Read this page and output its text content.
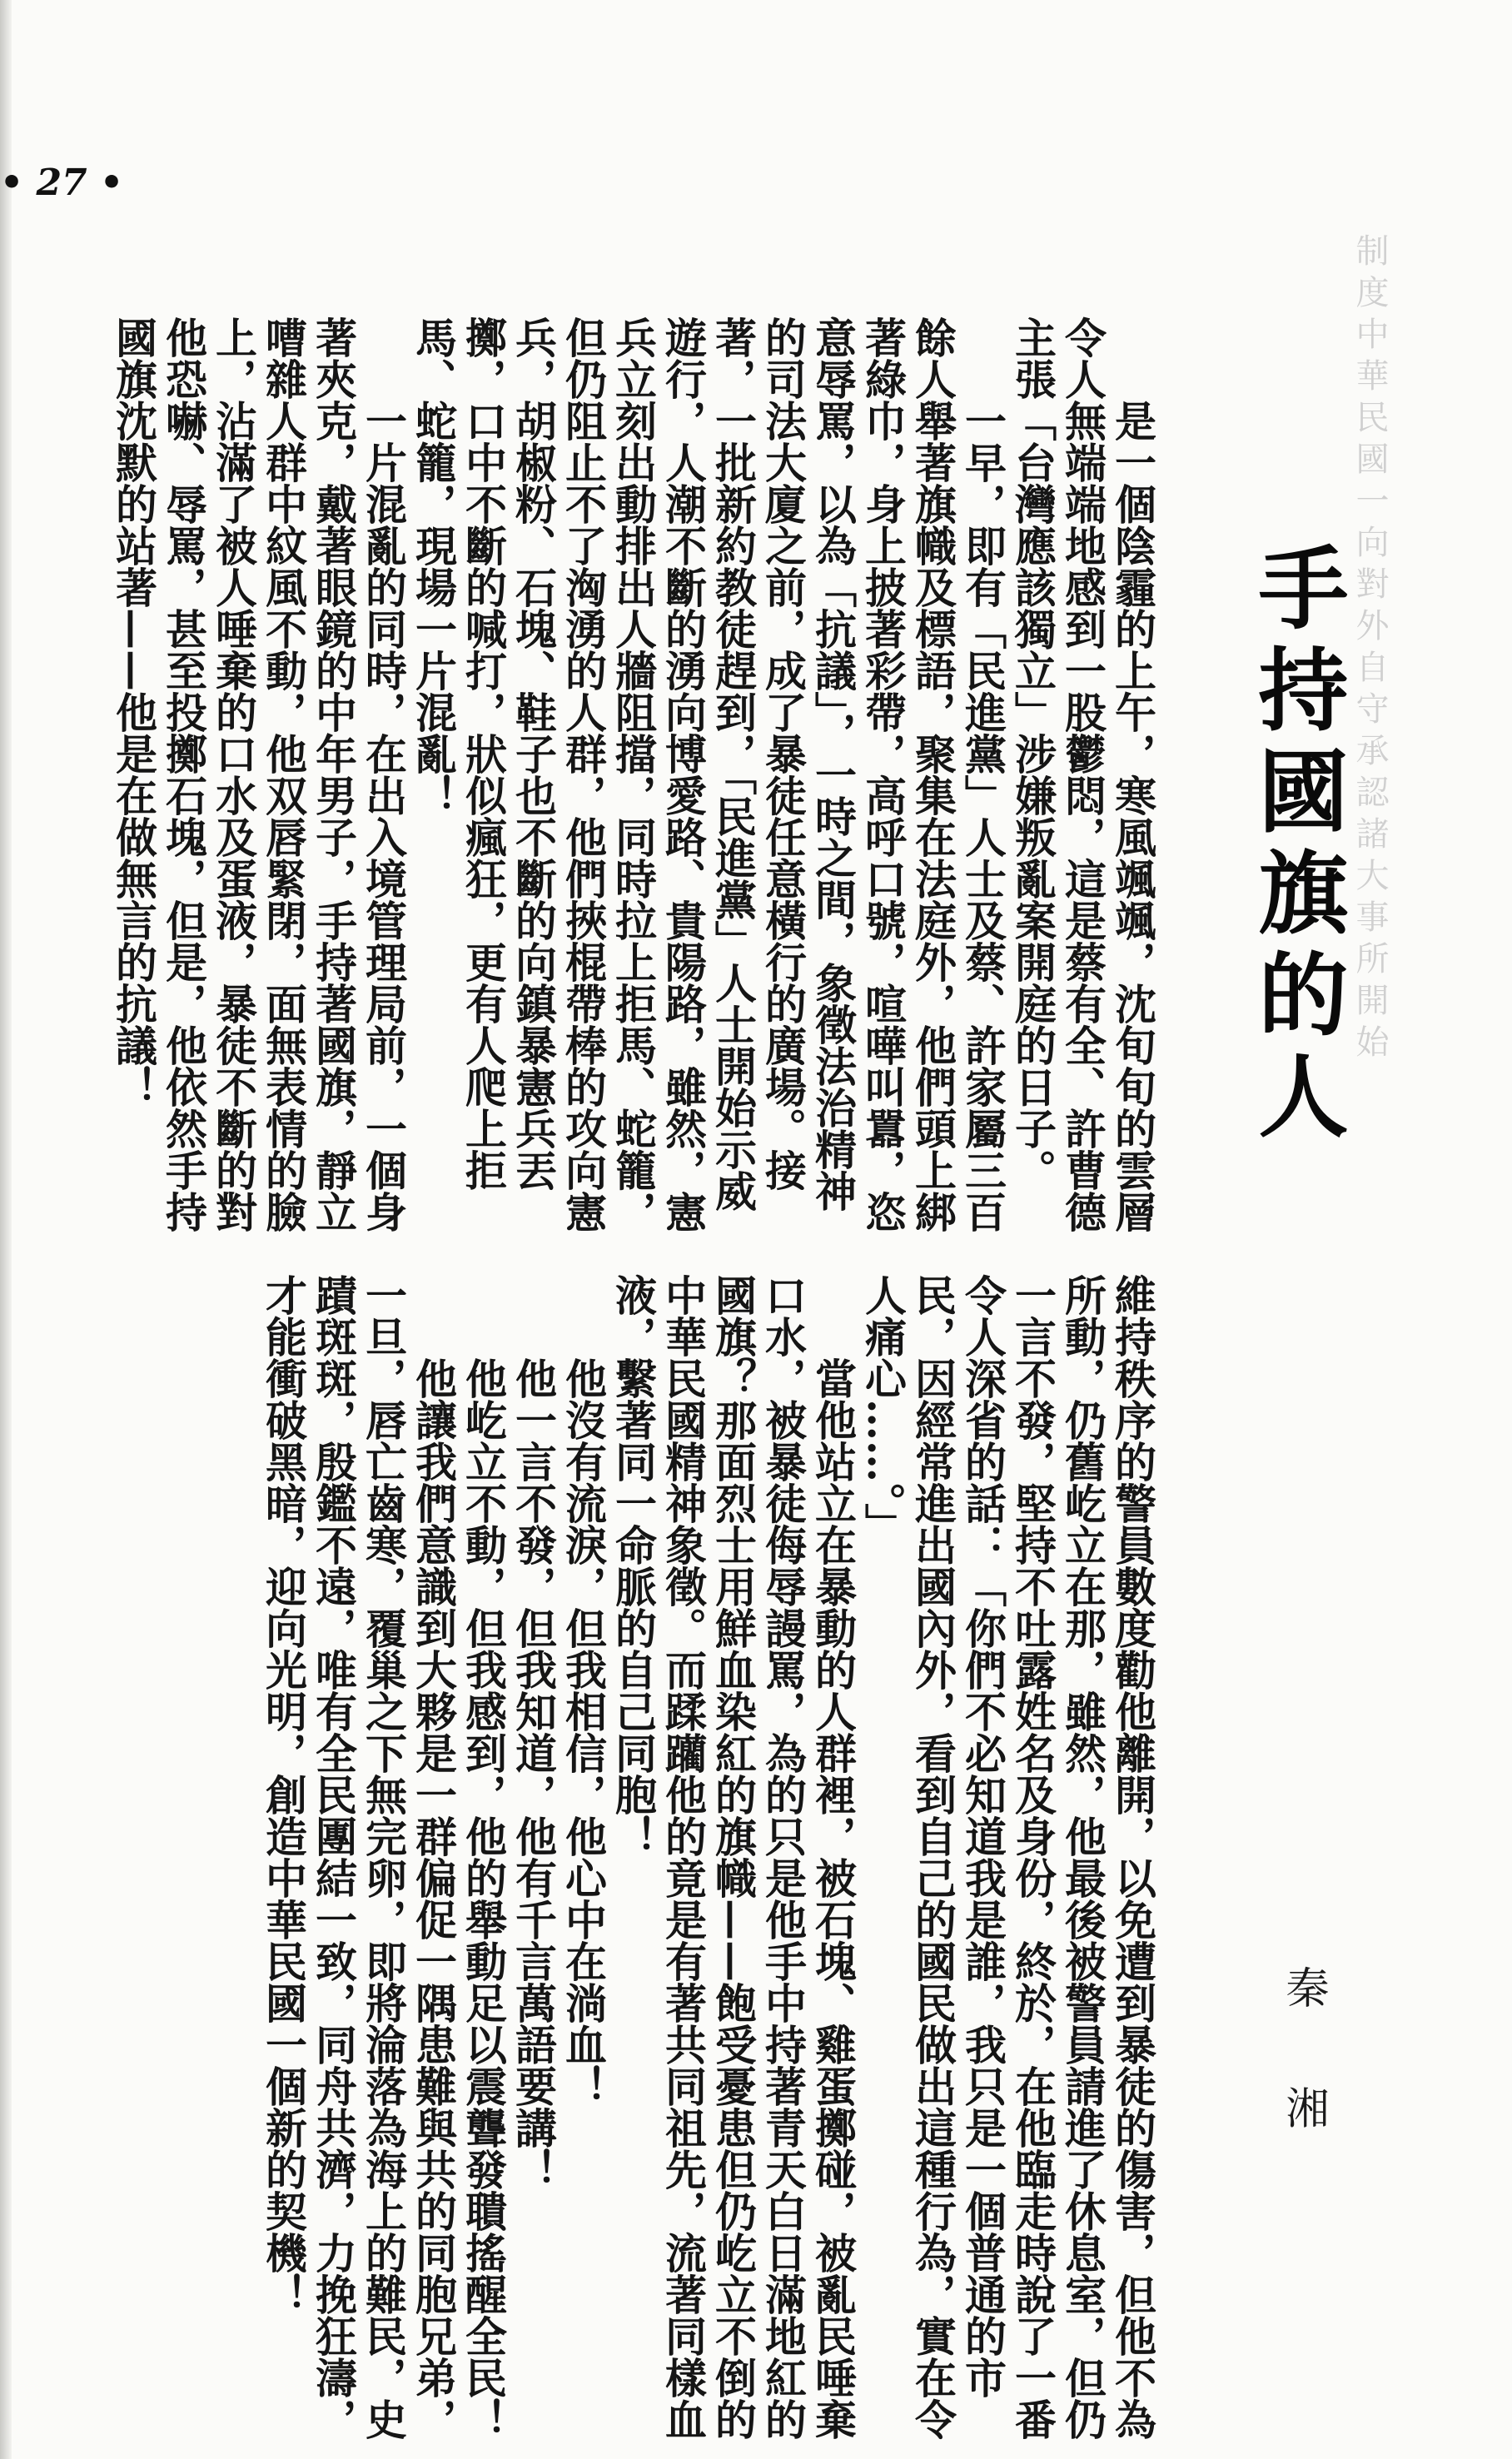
• 27 •
制度中華民國一向對外自守承認諸大事所開始
手持國旗的人
秦 湘

是一個陰霾的上午，寒風颯颯，沈旬旬的雲層令人無端端地感到一股鬱悶，這是蔡有全、許曹德主張「台灣應該獨立」涉嫌叛亂案開庭的日子。

一早，即有「民進黨」人士及蔡、許家屬三百餘人舉著旗幟及標語，聚集在法庭外，他們頭上綁著綠巾，身上披著彩帶，高呼口號，喧嘩叫囂，恣意辱罵，以為「抗議」，一時之間，象徵法治精神的司法大廈之前，成了暴徒任意橫行的廣場。接著，一批新約教徒趕到，「民進黨」人士開始示威遊行，人潮不斷的湧向博愛路、貴陽路，雖然，憲兵立刻出動排出人牆阻擋，同時拉上拒馬、蛇籠，但仍阻止不了洶湧的人群，他們挾棍帶棒的攻向憲兵，胡椒粉、石塊、鞋子也不斷的向鎮暴憲兵丟擲，口中不斷的喊打，狀似瘋狂，更有人爬上拒馬、蛇籠，現場一片混亂！

一片混亂的同時，在出入境管理局前，一個身著夾克，戴著眼鏡的中年男子，手持著國旗，靜立嘈雜人群中紋風不動，他双唇緊閉，面無表情的臉上，沾滿了被人唾棄的口水及蛋液，暴徒不斷的對他恐嚇、辱罵，甚至投擲石塊，但是，他依然手持國旗沈默的站著——他是在做無言的抗議！

維持秩序的警員數度勸他離開，以免遭到暴徒的傷害，但他不為所動，仍舊屹立在那，雖然，他最後被警員請進了休息室，但仍一言不發，堅持不吐露姓名及身份，終於，在他臨走時說了一番令人深省的話：「你們不必知道我是誰，我只是一個普通的市民，因經常進出國內外，看到自己的國民做出這種行為，實在令人痛心……。」

當他站立在暴動的人群裡，被石塊、雞蛋擲碰，被亂民唾棄口水，被暴徒侮辱謾罵，為的只是他手中持著青天白日滿地紅的國旗？那面烈士用鮮血染紅的旗幟——飽受憂患但仍屹立不倒的中華民國精神象徵。而蹂躪他的竟是有著共同祖先，流著同樣血液，繫著同一命脈的自己同胞！

他沒有流淚，但我相信，他心中在淌血！

他一言不發，但我知道，他有千言萬語要講！

他屹立不動，但我感到，他的舉動足以震聾發聵搖醒全民！

他讓我們意識到大夥是一群偏促一隅患難與共的同胞兄弟，一旦，唇亡齒寒，覆巢之下無完卵，即將淪落為海上的難民，史蹟斑斑，殷鑑不遠，唯有全民團結一致，同舟共濟，力挽狂濤，才能衝破黑暗，迎向光明，創造中華民國一個新的契機！
